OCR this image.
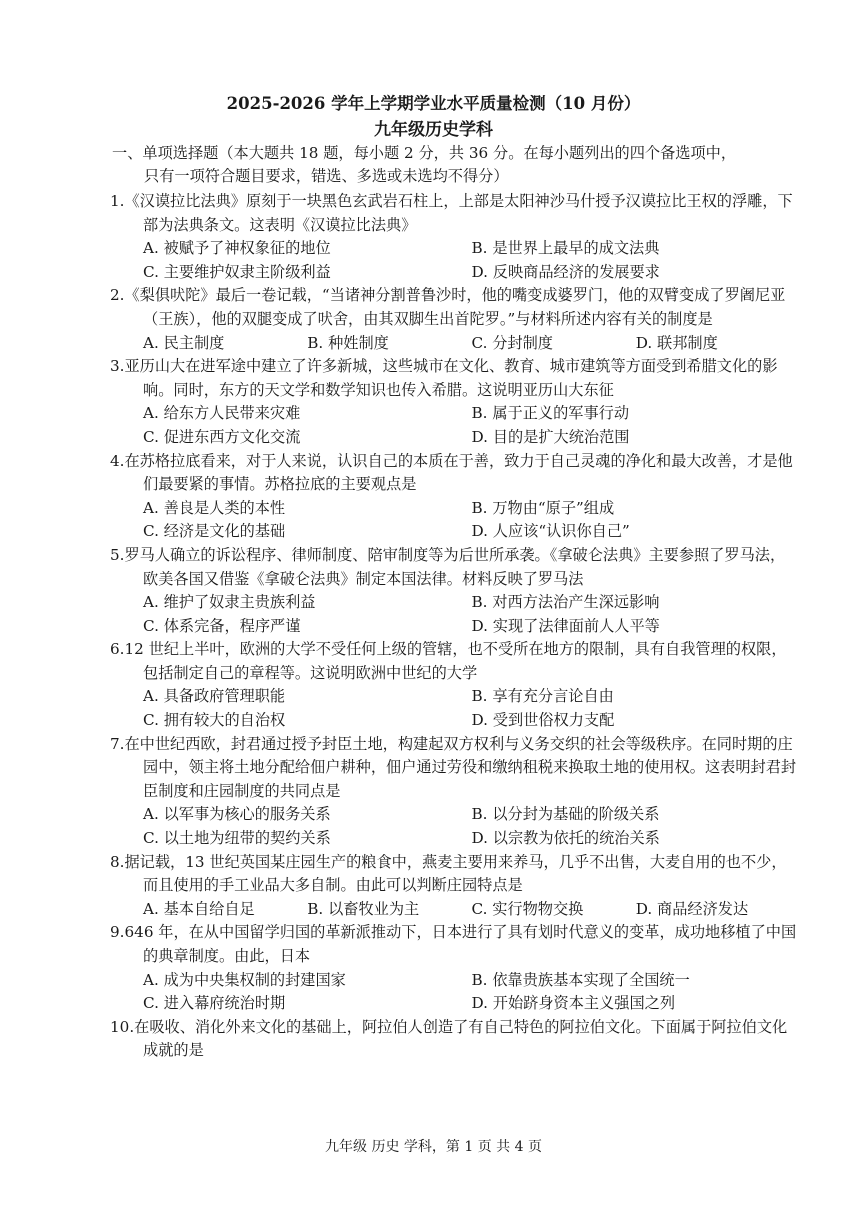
2025-2026 学年上学期学业水平质量检测（10 月份）
九年级历史学科
一、单项选择题（本大题共 18 题，每小题 2 分，共 36 分。在每小题列出的四个备选项中，
只有一项符合题目要求，错选、多选或未选均不得分）
1.《汉谟拉比法典》原刻于一块黑色玄武岩石柱上，上部是太阳神沙马什授予汉谟拉比王权的浮雕，下部为法典条文。这表明《汉谟拉比法典》
A. 被赋予了神权象征的地位	B. 是世界上最早的成文法典
C. 主要维护奴隶主阶级利益	D. 反映商品经济的发展要求
2.《梨俱吠陀》最后一卷记载，“当诸神分割普鲁沙时，他的嘴变成婆罗门，他的双臂变成了罗阇尼亚（王族），他的双腿变成了吠舍，由其双脚生出首陀罗。”与材料所述内容有关的制度是
A. 民主制度	B. 种姓制度	C. 分封制度	D. 联邦制度
3.亚历山大在进军途中建立了许多新城，这些城市在文化、教育、城市建筑等方面受到希腊文化的影响。同时，东方的天文学和数学知识也传入希腊。这说明亚历山大东征
A. 给东方人民带来灾难	B. 属于正义的军事行动
C. 促进东西方文化交流	D. 目的是扩大统治范围
4.在苏格拉底看来，对于人来说，认识自己的本质在于善，致力于自己灵魂的净化和最大改善，才是他们最要紧的事情。苏格拉底的主要观点是
A. 善良是人类的本性	B. 万物由“原子”组成
C. 经济是文化的基础	D. 人应该“认识你自己”
5.罗马人确立的诉讼程序、律师制度、陪审制度等为后世所承袭。《拿破仑法典》主要参照了罗马法，欧美各国又借鉴《拿破仑法典》制定本国法律。材料反映了罗马法
A. 维护了奴隶主贵族利益	B. 对西方法治产生深远影响
C. 体系完备，程序严谨	D. 实现了法律面前人人平等
6.12 世纪上半叶，欧洲的大学不受任何上级的管辖，也不受所在地方的限制，具有自我管理的权限，包括制定自己的章程等。这说明欧洲中世纪的大学
A. 具备政府管理职能	B. 享有充分言论自由
C. 拥有较大的自治权	D. 受到世俗权力支配
7.在中世纪西欧，封君通过授予封臣土地，构建起双方权利与义务交织的社会等级秩序。在同时期的庄园中，领主将土地分配给佃户耕种，佃户通过劳役和缴纳租税来换取土地的使用权。这表明封君封臣制度和庄园制度的共同点是
A. 以军事为核心的服务关系	B. 以分封为基础的阶级关系
C. 以土地为纽带的契约关系	D. 以宗教为依托的统治关系
8.据记载，13 世纪英国某庄园生产的粮食中，燕麦主要用来养马，几乎不出售，大麦自用的也不少，而且使用的手工业品大多自制。由此可以判断庄园特点是
A. 基本自给自足	B. 以畜牧业为主	C. 实行物物交换	D. 商品经济发达
9.646 年，在从中国留学归国的革新派推动下，日本进行了具有划时代意义的变革，成功地移植了中国的典章制度。由此，日本
A. 成为中央集权制的封建国家	B. 依靠贵族基本实现了全国统一
C. 进入幕府统治时期	D. 开始跻身资本主义强国之列
10.在吸收、消化外来文化的基础上，阿拉伯人创造了有自己特色的阿拉伯文化。下面属于阿拉伯文化成就的是
九年级 历史 学科，第 1 页 共 4 页
